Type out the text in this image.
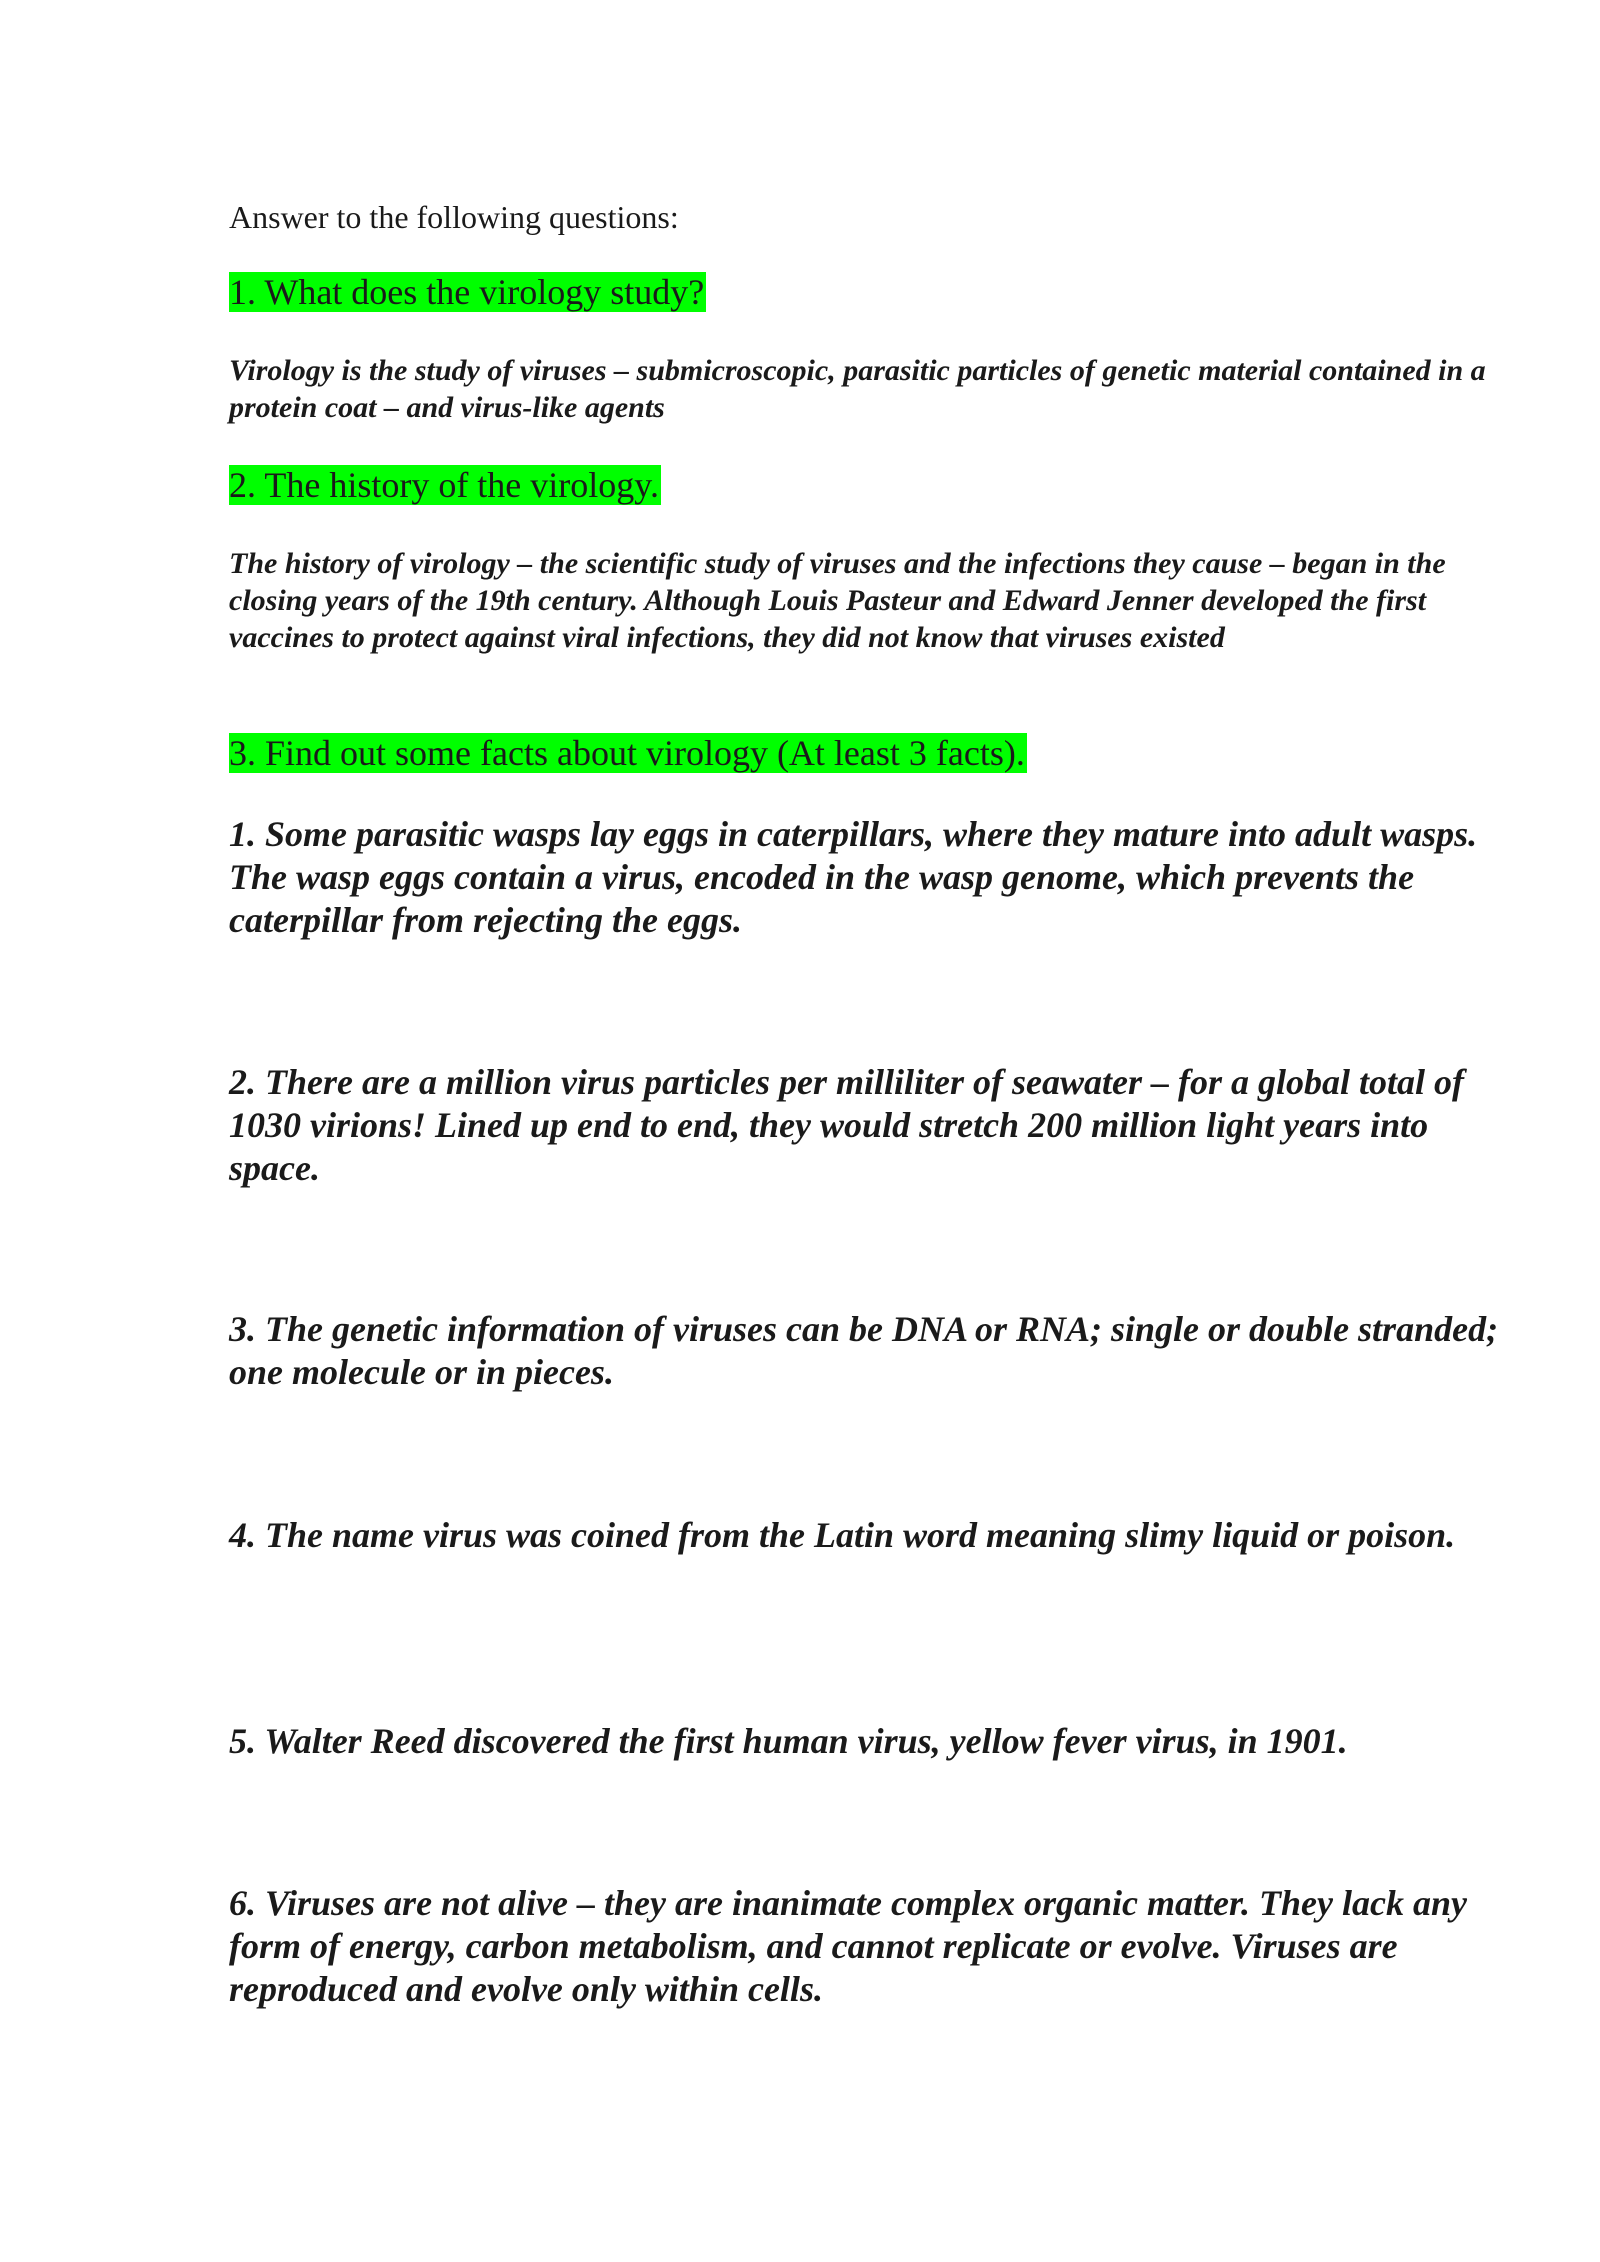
Answer to the following questions:
1. What does the virology study?
Virology is the study of viruses – submicroscopic, parasitic particles of genetic material contained in a protein coat – and virus-like agents
2. The history of the virology.
The history of virology – the scientific study of viruses and the infections they cause – began in the closing years of the 19th century. Although Louis Pasteur and Edward Jenner developed the first vaccines to protect against viral infections, they did not know that viruses existed
3. Find out some facts about virology (At least 3 facts).
1. Some parasitic wasps lay eggs in caterpillars, where they mature into adult wasps. The wasp eggs contain a virus, encoded in the wasp genome, which prevents the caterpillar from rejecting the eggs.
2. There are a million virus particles per milliliter of seawater – for a global total of 1030 virions! Lined up end to end, they would stretch 200 million light years into space.
3. The genetic information of viruses can be DNA or RNA; single or double stranded; one molecule or in pieces.
4. The name virus was coined from the Latin word meaning slimy liquid or poison.
5. Walter Reed discovered the first human virus, yellow fever virus, in 1901.
6. Viruses are not alive – they are inanimate complex organic matter. They lack any form of energy, carbon metabolism, and cannot replicate or evolve. Viruses are reproduced and evolve only within cells.
